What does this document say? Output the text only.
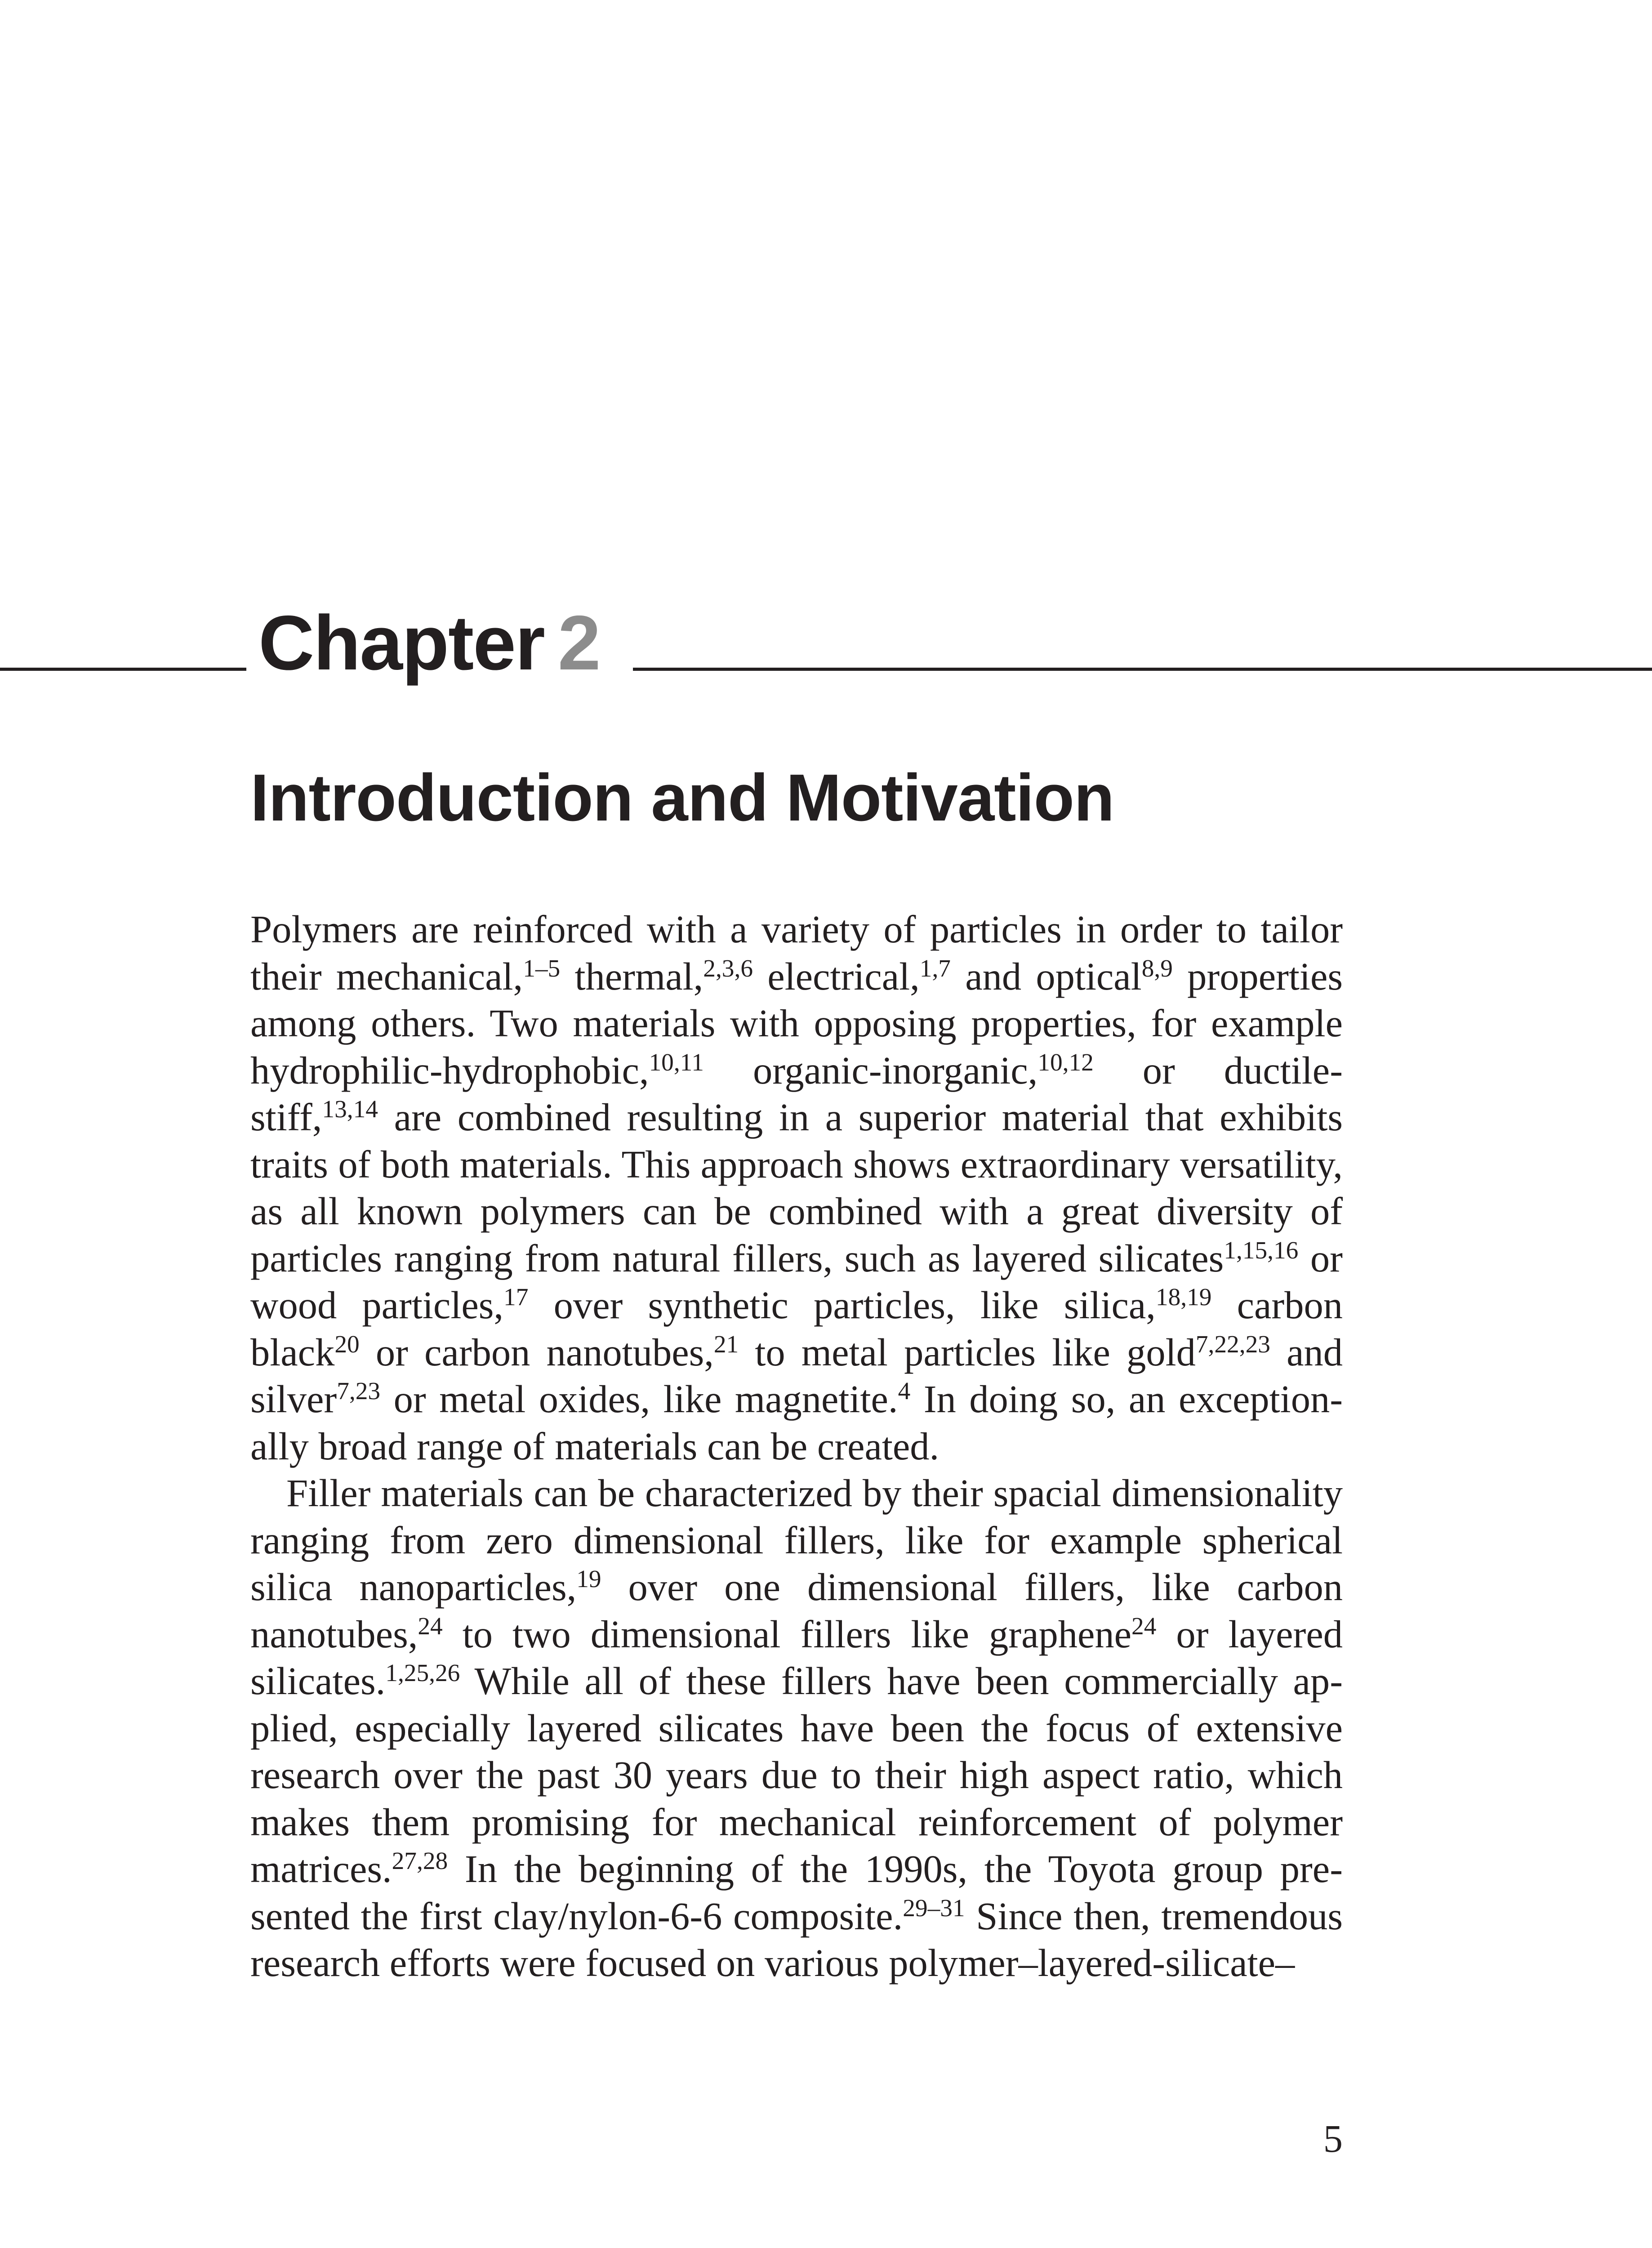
Chapter 2
Introduction and Motivation

Polymers are reinforced with a variety of particles in order to tailor their mechanical,$^{1-5}$ thermal,$^{2,3,6}$ electrical,$^{1,7}$ and optical$^{8,9}$ properties among others. Two materials with opposing properties, for example hydrophilic-hydrophobic,$^{10,11}$ organic-inorganic,$^{10,12}$ or ductile-stiff,$^{13,14}$ are combined resulting in a superior material that exhibits traits of both materials. This approach shows extraordinary versatility, as all known polymers can be combined with a great diversity of particles ranging from natural fillers, such as layered silicates$^{1,15,16}$ or wood particles,$^{17}$ over synthetic particles, like silica,$^{18,19}$ carbon black$^{20}$ or carbon nanotubes,$^{21}$ to metal particles like gold$^{7,22,23}$ and silver$^{7,23}$ or metal oxides, like magnetite.$^4$ In doing so, an exceptionally broad range of materials can be created.

Filler materials can be characterized by their spacial dimensionality ranging from zero dimensional fillers, like for example spherical silica nanoparticles,$^{19}$ over one dimensional fillers, like carbon nanotubes,$^{24}$ to two dimensional fillers like graphene$^{24}$ or layered silicates.$^{1,25,26}$ While all of these fillers have been commercially applied, especially layered silicates have been the focus of extensive research over the past 30 years due to their high aspect ratio, which makes them promising for mechanical reinforcement of polymer matrices.$^{27,28}$ In the beginning of the 1990s, the Toyota group presented the first clay/nylon-6-6 composite.$^{29-31}$ Since then, tremendous research efforts were focused on various polymer–layered-silicate–

5
